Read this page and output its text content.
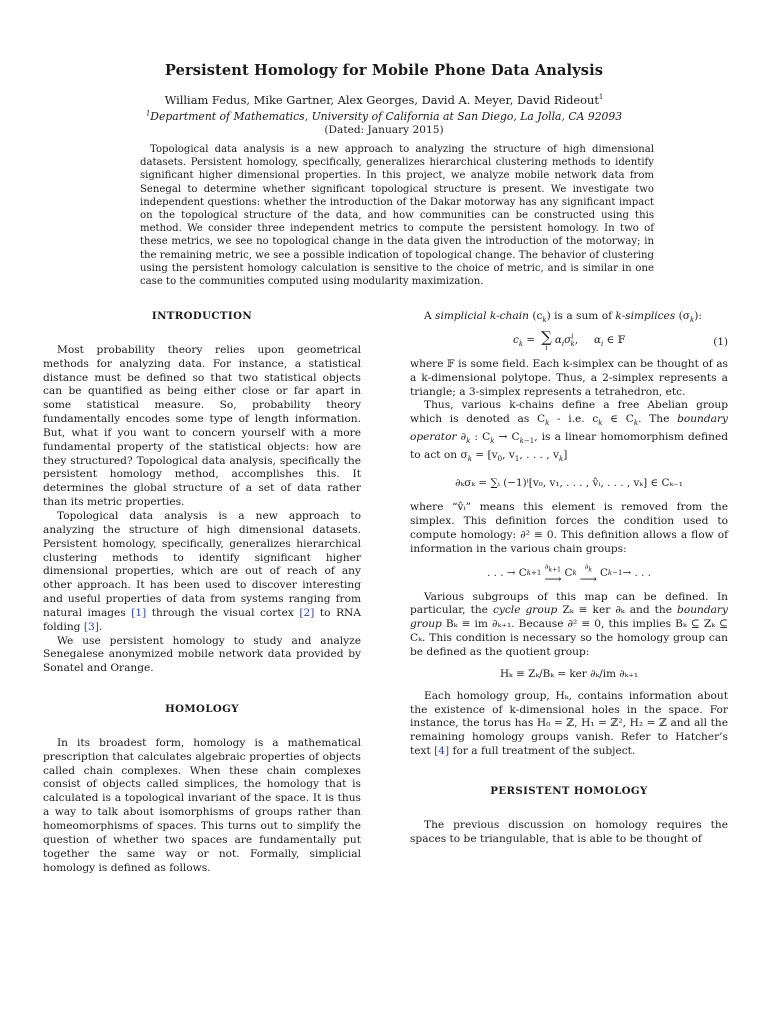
Persistent Homology for Mobile Phone Data Analysis
William Fedus, Mike Gartner, Alex Georges, David A. Meyer, David Rideout$^1$
$^1$Department of Mathematics, University of California at San Diego, La Jolla, CA 92093
(Dated: January 2015)

Topological data analysis is a new approach to analyzing the structure of high dimensional datasets. Persistent homology, specifically, generalizes hierarchical clustering methods to identify significant higher dimensional properties. In this project, we analyze mobile network data from Senegal to determine whether significant topological structure is present. We investigate two independent questions: whether the introduction of the Dakar motorway has any significant impact on the topological structure of the data, and how communities can be constructed using this method. We consider three independent metrics to compute the persistent homology. In two of these metrics, we see no topological change in the data given the introduction of the motorway; in the remaining metric, we see a possible indication of topological change. The behavior of clustering using the persistent homology calculation is sensitive to the choice of metric, and is similar in one case to the communities computed using modularity maximization.

INTRODUCTION

Most probability theory relies upon geometrical methods for analyzing data. For instance, a statistical distance must be defined so that two statistical objects can be quantified as being either close or far apart in some statistical measure. So, probability theory fundamentally encodes some type of length information. But, what if you want to concern yourself with a more fundamental property of the statistical objects: how are they structured? Topological data analysis, specifically the persistent homology method, accomplishes this. It determines the global structure of a set of data rather than its metric properties.

Topological data analysis is a new approach to analyzing the structure of high dimensional datasets. Persistent homology, specifically, generalizes hierarchical clustering methods to identify significant higher dimensional properties, which are out of reach of any other approach. It has been used to discover interesting and useful properties of data from systems ranging from natural images [1] through the visual cortex [2] to RNA folding [3].

We use persistent homology to study and analyze Senegalese anonymized mobile network data provided by Sonatel and Orange.

HOMOLOGY

In its broadest form, homology is a mathematical prescription that calculates algebraic properties of objects called chain complexes. When these chain complexes consist of objects called simplices, the homology that is calculated is a topological invariant of the space. It is thus a way to talk about isomorphisms of groups rather than homeomorphisms of spaces. This turns out to simplify the question of whether two spaces are fundamentally put together the same way or not. Formally, simplicial homology is defined as follows.

A simplicial k-chain $(c_k)$ is a sum of k-simplices $(\sigma_k)$:

$c_k$ = ∑
i
$\alpha_i\sigma^i_k$, $\alpha_i$ ∈ 𝔽	(1)

where 𝔽 is some field. Each k-simplex can be thought of as a k-dimensional polytope. Thus, a 2-simplex represents a triangle; a 3-simplex represents a tetrahedron, etc.

Thus, various k-chains define a free Abelian group which is denoted as $C_k - i.e$. $c_k$ ∈ $C_k$. The boundary operator $\partial_k$ : $C_k \to C_{k-1}$, is a linear homomorphism defined to act on $\sigma_k = [v_0$, $v_1$, . . . , $v_k$]

∂ₖσₖ = ∑ᵢ (−1)ⁱ[v₀, v₁, . . . , v̂ᵢ, . . . , vₖ] ∈ Cₖ₋₁

where “v̂ᵢ” means this element is removed from the simplex. This definition forces the condition used to compute homology: ∂² ≡ 0. This definition allows a flow of information in the various chain groups:

. . . → C k+1
$\partial_{k+1}$
⟶ C k
$\partial_k$
⟶ C k−1 → . . .

Various subgroups of this map can be defined. In particular, the cycle group Zₖ ≡ ker ∂ₖ and the boundary group Bₖ ≡ im ∂ₖ₊₁. Because ∂² ≡ 0, this implies Bₖ ⊆ Zₖ ⊆ Cₖ. This condition is necessary so the homology group can be defined as the quotient group:

Hₖ ≡ Zₖ/Bₖ = ker ∂ₖ/im ∂ₖ₊₁

Each homology group, Hₖ, contains information about the existence of k-dimensional holes in the space. For instance, the torus has H₀ = ℤ, H₁ = ℤ², H₂ = ℤ and all the remaining homology groups vanish. Refer to Hatcher’s text [4] for a full treatment of the subject.

PERSISTENT HOMOLOGY

The previous discussion on homology requires the spaces to be triangulable, that is able to be thought of
